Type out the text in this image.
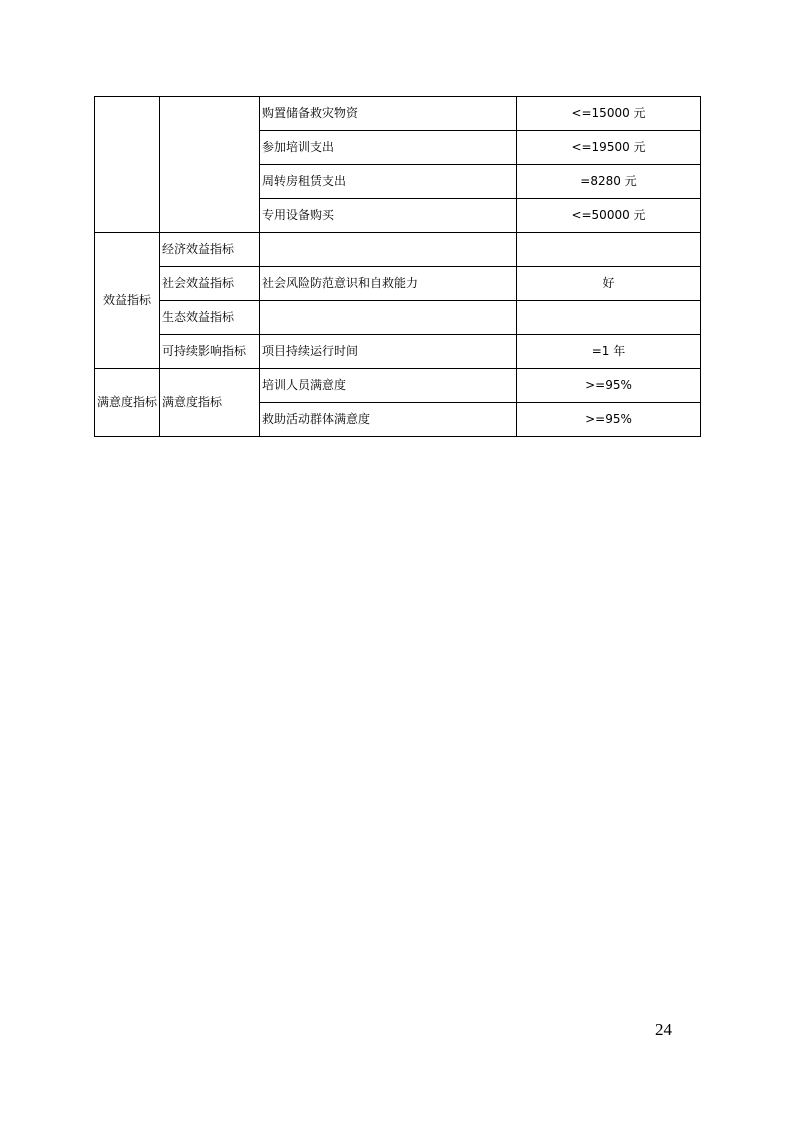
		购置储备救灾物资	<=15000 元
		参加培训支出	<=19500 元
		周转房租赁支出	=8280 元
		专用设备购买	<=50000 元
效益指标	经济效益指标		
	社会效益指标	社会风险防范意识和自救能力	好
	生态效益指标		
	可持续影响指标	项目持续运行时间	=1 年
满意度指标	满意度指标	培训人员满意度	>=95%
		救助活动群体满意度	>=95%
24
